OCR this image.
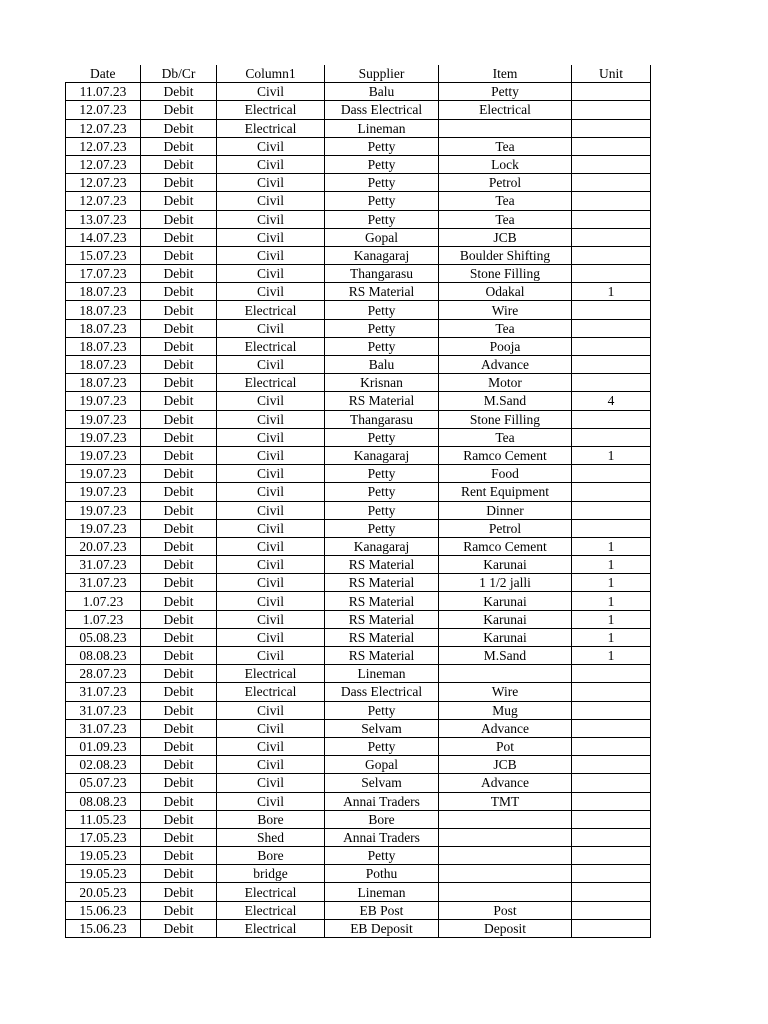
Date	Db/Cr	Column1	Supplier	Item	Unit
11.07.23	Debit	Civil	Balu	Petty	
12.07.23	Debit	Electrical	Dass Electrical	Electrical	
12.07.23	Debit	Electrical	Lineman		
12.07.23	Debit	Civil	Petty	Tea	
12.07.23	Debit	Civil	Petty	Lock	
12.07.23	Debit	Civil	Petty	Petrol	
12.07.23	Debit	Civil	Petty	Tea	
13.07.23	Debit	Civil	Petty	Tea	
14.07.23	Debit	Civil	Gopal	JCB	
15.07.23	Debit	Civil	Kanagaraj	Boulder Shifting	
17.07.23	Debit	Civil	Thangarasu	Stone Filling	
18.07.23	Debit	Civil	RS Material	Odakal	1
18.07.23	Debit	Electrical	Petty	Wire	
18.07.23	Debit	Civil	Petty	Tea	
18.07.23	Debit	Electrical	Petty	Pooja	
18.07.23	Debit	Civil	Balu	Advance	
18.07.23	Debit	Electrical	Krisnan	Motor	
19.07.23	Debit	Civil	RS Material	M.Sand	4
19.07.23	Debit	Civil	Thangarasu	Stone Filling	
19.07.23	Debit	Civil	Petty	Tea	
19.07.23	Debit	Civil	Kanagaraj	Ramco Cement	1
19.07.23	Debit	Civil	Petty	Food	
19.07.23	Debit	Civil	Petty	Rent Equipment	
19.07.23	Debit	Civil	Petty	Dinner	
19.07.23	Debit	Civil	Petty	Petrol	
20.07.23	Debit	Civil	Kanagaraj	Ramco Cement	1
31.07.23	Debit	Civil	RS Material	Karunai	1
31.07.23	Debit	Civil	RS Material	1 1/2 jalli	1
1.07.23	Debit	Civil	RS Material	Karunai	1
1.07.23	Debit	Civil	RS Material	Karunai	1
05.08.23	Debit	Civil	RS Material	Karunai	1
08.08.23	Debit	Civil	RS Material	M.Sand	1
28.07.23	Debit	Electrical	Lineman		
31.07.23	Debit	Electrical	Dass Electrical	Wire	
31.07.23	Debit	Civil	Petty	Mug	
31.07.23	Debit	Civil	Selvam	Advance	
01.09.23	Debit	Civil	Petty	Pot	
02.08.23	Debit	Civil	Gopal	JCB	
05.07.23	Debit	Civil	Selvam	Advance	
08.08.23	Debit	Civil	Annai Traders	TMT	
11.05.23	Debit	Bore	Bore		
17.05.23	Debit	Shed	Annai Traders		
19.05.23	Debit	Bore	Petty		
19.05.23	Debit	bridge	Pothu		
20.05.23	Debit	Electrical	Lineman		
15.06.23	Debit	Electrical	EB Post	Post	
15.06.23	Debit	Electrical	EB Deposit	Deposit	
